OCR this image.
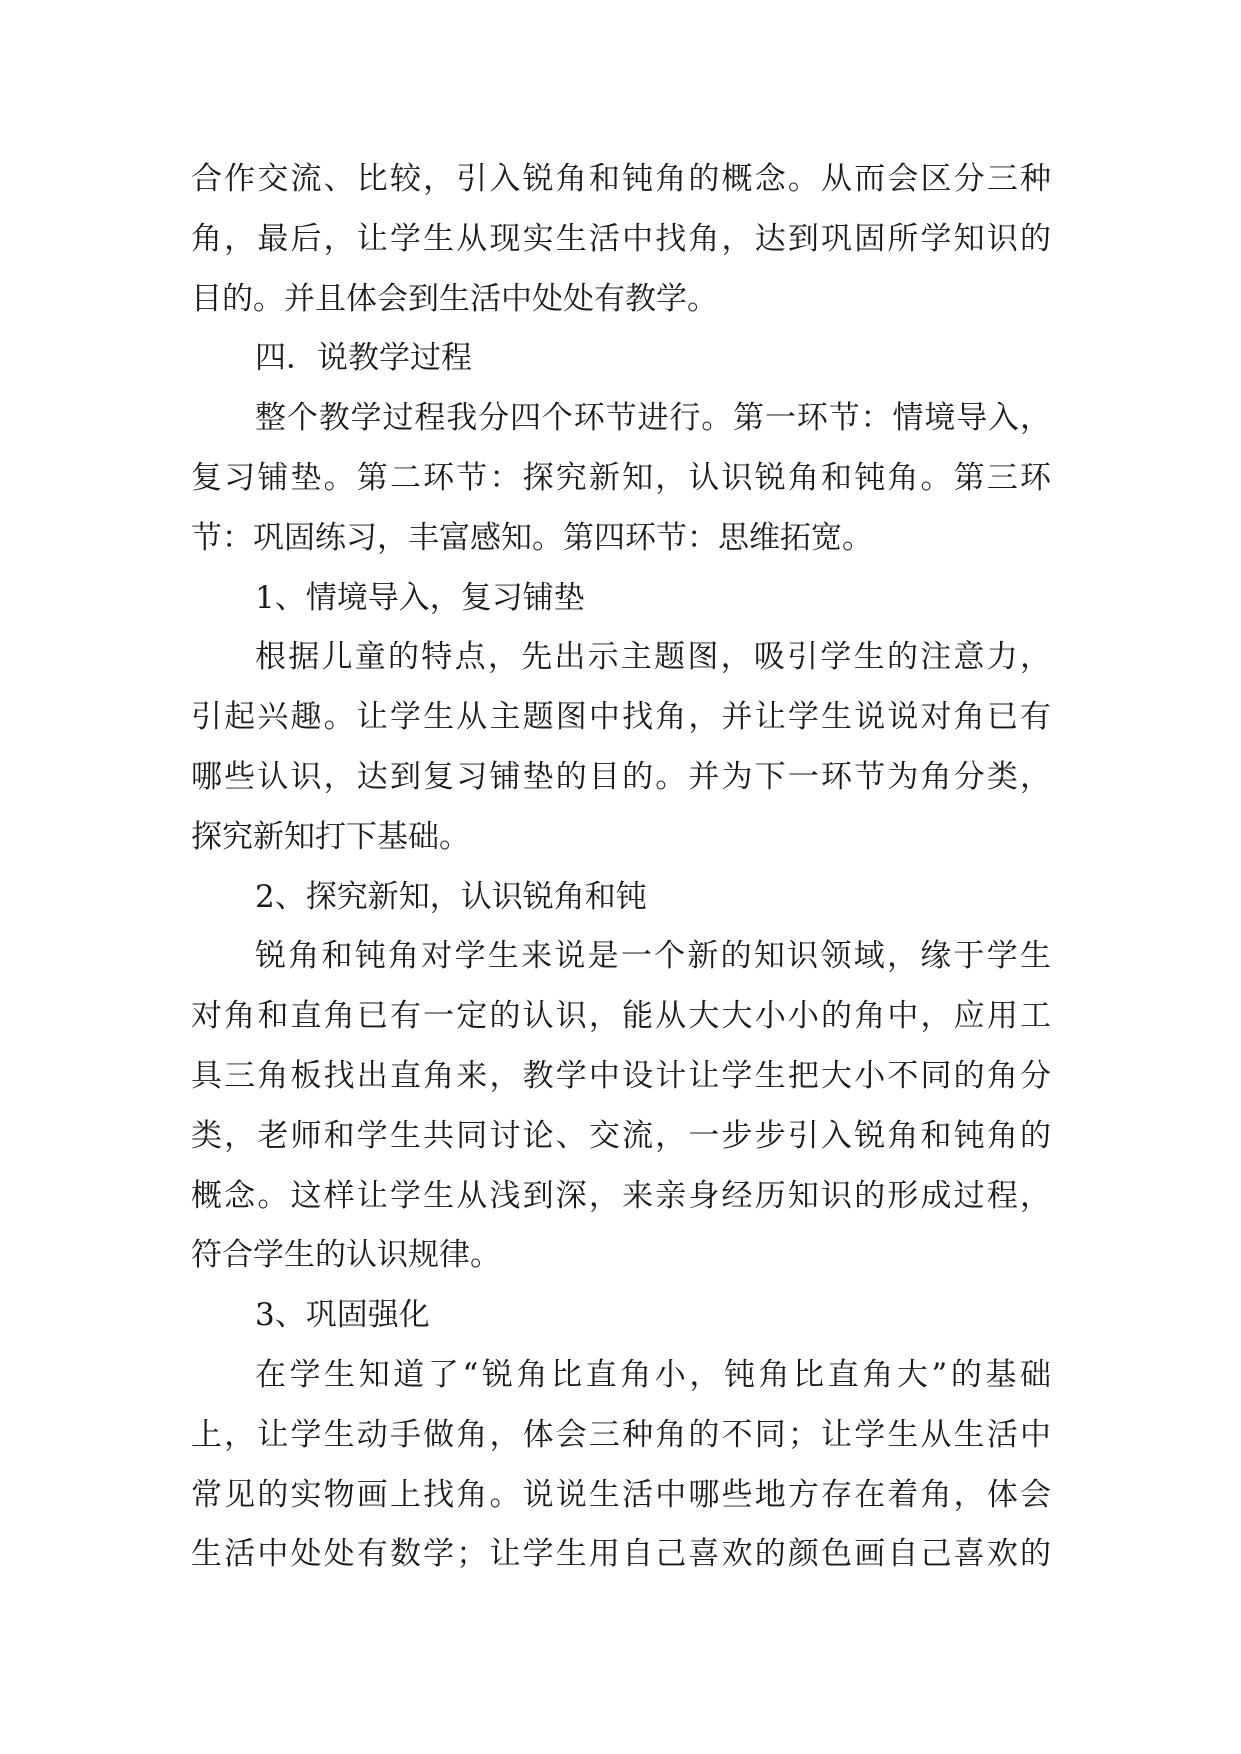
合作交流、比较，引入锐角和钝角的概念。从而会区分三种
角，最后，让学生从现实生活中找角，达到巩固所学知识的
目的。并且体会到生活中处处有教学。
四．说教学过程
整个教学过程我分四个环节进行。第一环节：情境导入，
复习铺垫。第二环节：探究新知，认识锐角和钝角。第三环
节：巩固练习，丰富感知。第四环节：思维拓宽。
1、情境导入，复习铺垫
根据儿童的特点，先出示主题图，吸引学生的注意力，
引起兴趣。让学生从主题图中找角，并让学生说说对角已有
哪些认识，达到复习铺垫的目的。并为下一环节为角分类，
探究新知打下基础。
2、探究新知，认识锐角和钝
锐角和钝角对学生来说是一个新的知识领域，缘于学生
对角和直角已有一定的认识，能从大大小小的角中，应用工
具三角板找出直角来，教学中设计让学生把大小不同的角分
类，老师和学生共同讨论、交流，一步步引入锐角和钝角的
概念。这样让学生从浅到深，来亲身经历知识的形成过程，
符合学生的认识规律。
3、巩固强化
在学生知道了“锐角比直角小，钝角比直角大”的基础
上，让学生动手做角，体会三种角的不同；让学生从生活中
常见的实物画上找角。说说生活中哪些地方存在着角，体会
生活中处处有数学；让学生用自己喜欢的颜色画自己喜欢的
